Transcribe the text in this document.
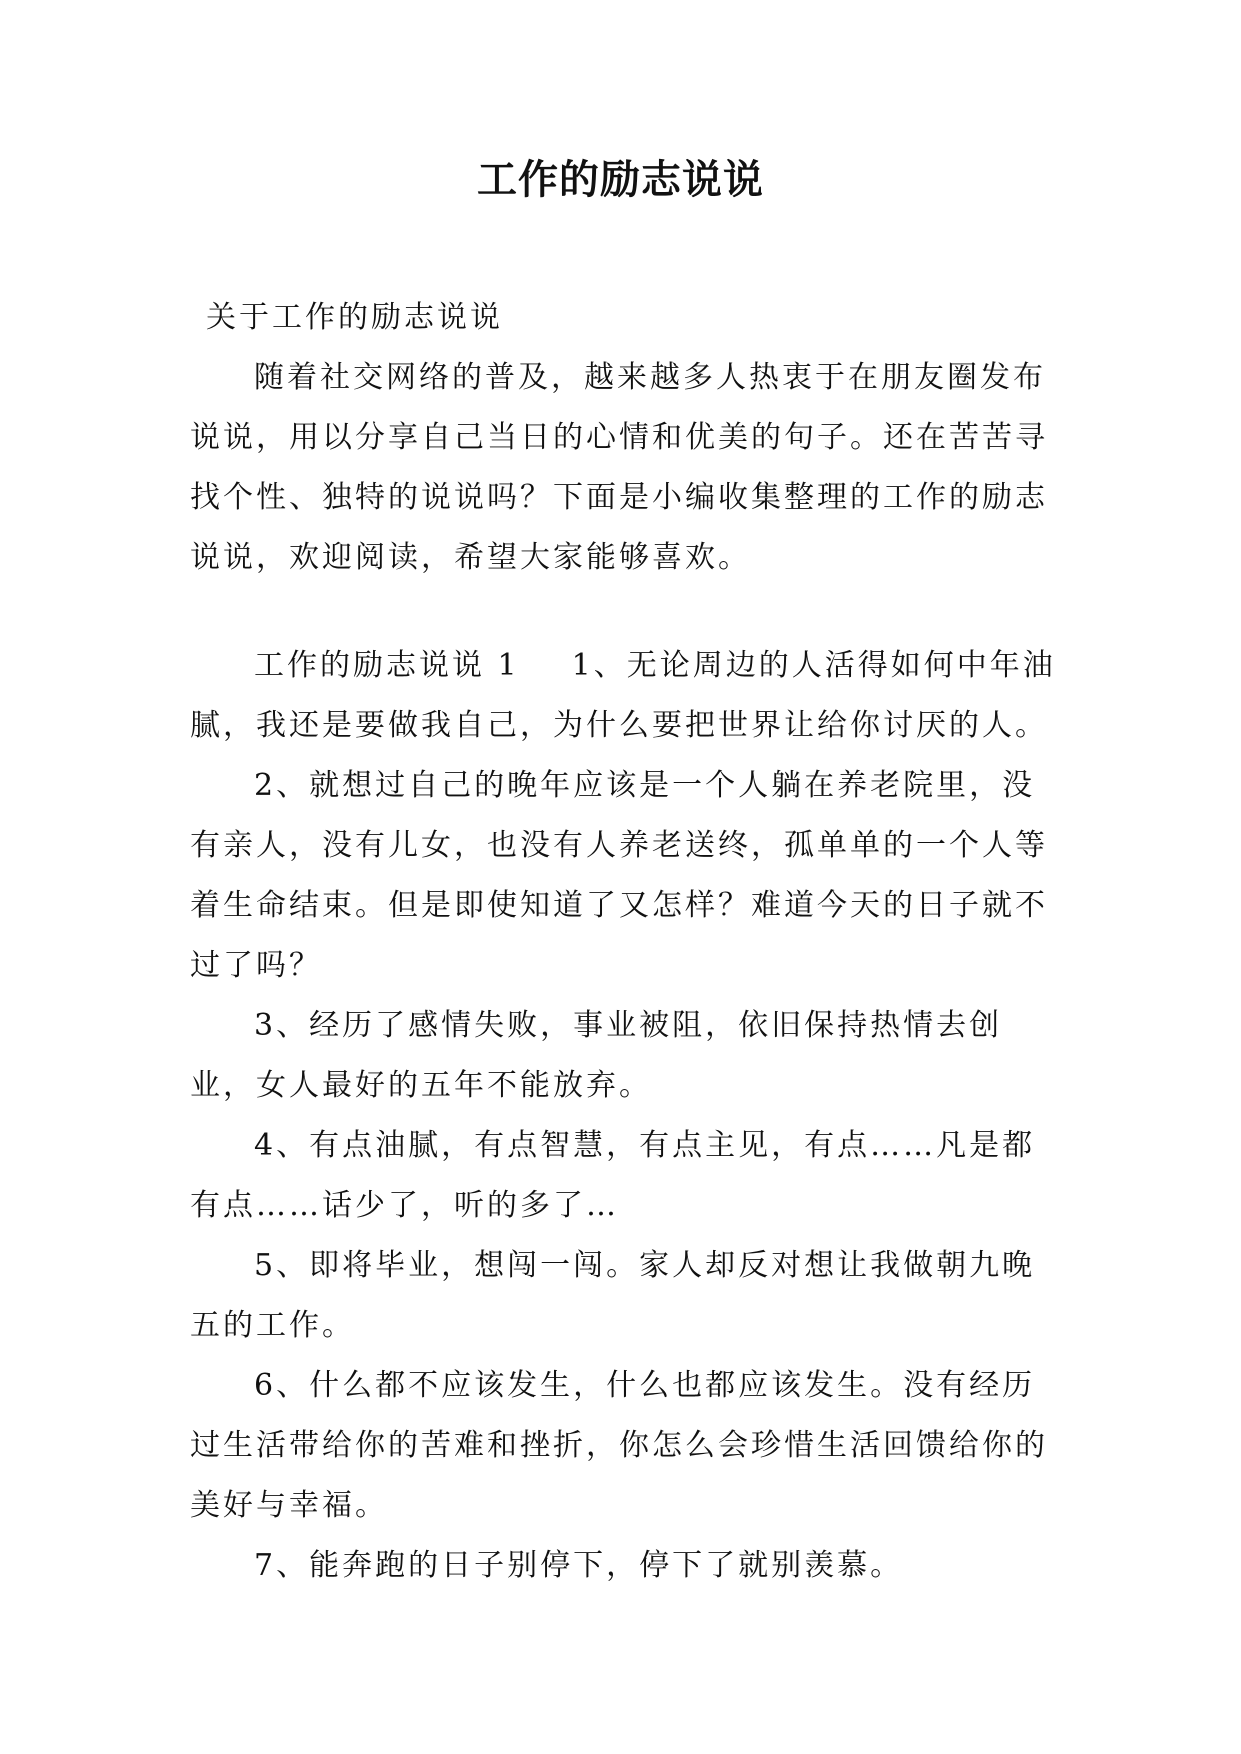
工作的励志说说
关于工作的励志说说

随着社交网络的普及，越来越多人热衷于在朋友圈发布说说，用以分享自己当日的心情和优美的句子。还在苦苦寻找个性、独特的说说吗？下面是小编收集整理的工作的励志说说，欢迎阅读，希望大家能够喜欢。

工作的励志说说 1 1、无论周边的人活得如何中年油腻，我还是要做我自己，为什么要把世界让给你讨厌的人。

2、就想过自己的晚年应该是一个人躺在养老院里，没有亲人，没有儿女，也没有人养老送终，孤单单的一个人等着生命结束。但是即使知道了又怎样？难道今天的日子就不过了吗？

3、经历了感情失败，事业被阻，依旧保持热情去创业，女人最好的五年不能放弃。

4、有点油腻，有点智慧，有点主见，有点……凡是都有点……话少了，听的多了…

5、即将毕业，想闯一闯。家人却反对想让我做朝九晚五的工作。

6、什么都不应该发生，什么也都应该发生。没有经历过生活带给你的苦难和挫折，你怎么会珍惜生活回馈给你的美好与幸福。

7、能奔跑的日子别停下，停下了就别羡慕。
